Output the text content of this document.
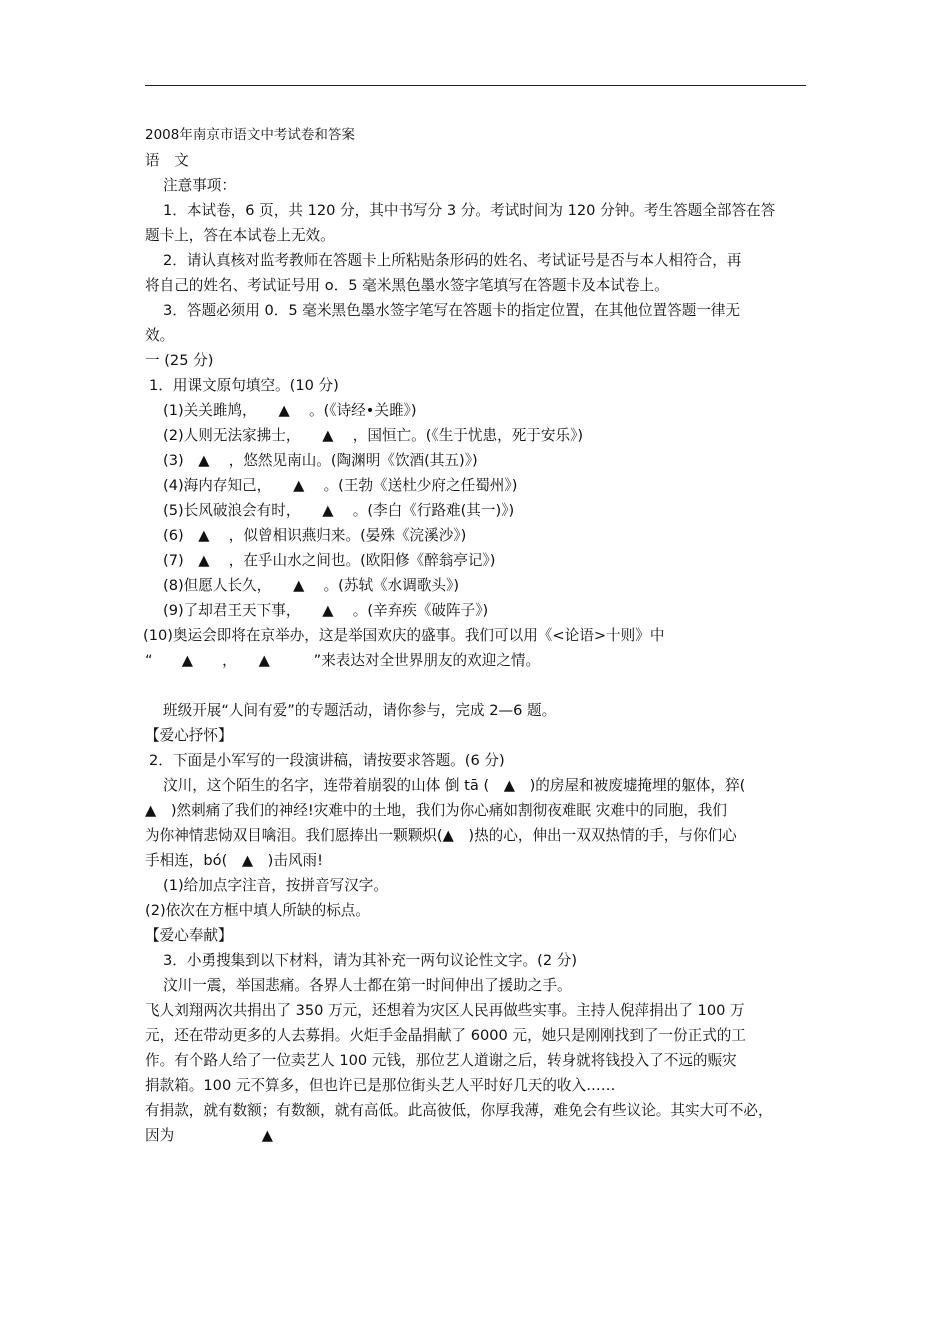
2008年南京市语文中考试卷和答案

语　文

注意事项：

1．本试卷，6 页，共 120 分，其中书写分 3 分。考试时间为 120 分钟。考生答题全部答在答

题卡上，答在本试卷上无效。

2．请认真核对监考教师在答题卡上所粘贴条形码的姓名、考试证号是否与本人相符合，再

将自己的姓名、考试证号用 o．5 毫米黑色墨水签字笔填写在答题卡及本试卷上。

3．答题必须用 0．5 毫米黑色墨水签字笔写在答题卡的指定位置，在其他位置答题一律无

效。

一 (25 分)

1．用课文原句填空。(10 分)

(1)关关雎鸠，　　▲　 。(《诗经•关雎》)

(2)人则无法家拂士，　　▲　 ，国恒亡。(《生于忧患，死于安乐》)

(3)　▲　 ，悠然见南山。(陶渊明《饮酒(其五)》)

(4)海内存知己，　　▲　 。(王勃《送杜少府之任蜀州》)

(5)长风破浪会有时，　　▲　 。(李白《行路难(其一)》)

(6)　▲　 ，似曾相识燕归来。(晏殊《浣溪沙》)

(7)　▲　 ，在乎山水之间也。(欧阳修《醉翁亭记》)

(8)但愿人长久，　　▲　 。(苏轼《水调歌头》)

(9)了却君王天下事，　　▲　 。(辛弃疾《破阵子》)

(10)奥运会即将在京举办，这是举国欢庆的盛事。我们可以用《<论语>十则》中

“　　▲　　，　　▲　　　”来表达对全世界朋友的欢迎之情。

班级开展“人间有爱”的专题活动，请你参与，完成 2—6 题。

【爱心抒怀】

2．下面是小军写的一段演讲稿，请按要求答题。(6 分)

汶川，这个陌生的名字，连带着崩裂的山体 倒 tā (　▲　)的房屋和被废墟掩埋的躯体，猝(

▲　)然刺痛了我们的神经!灾难中的土地，我们为你心痛如割彻夜难眠 灾难中的同胞，我们

为你神情悲恸双目噙泪。我们愿捧出一颗颗炽(▲　)热的心，伸出一双双热情的手，与你们心

手相连，bó(　▲　)击风雨!

(1)给加点字注音，按拼音写汉字。

(2)依次在方框中填人所缺的标点。

【爱心奉献】

3．小勇搜集到以下材料，请为其补充一两句议论性文字。(2 分)

汶川一震，举国悲痛。各界人士都在第一时间伸出了援助之手。

飞人刘翔两次共捐出了 350 万元，还想着为灾区人民再做些实事。主持人倪萍捐出了 100 万

元，还在带动更多的人去募捐。火炬手金晶捐献了 6000 元，她只是刚刚找到了一份正式的工

作。有个路人给了一位卖艺人 100 元钱，那位艺人道谢之后，转身就将钱投入了不远的赈灾

捐款箱。100 元不算多，但也许已是那位街头艺人平时好几天的收入……

有捐款，就有数额；有数额，就有高低。此高彼低，你厚我薄，难免会有些议论。其实大可不必，

因为　　　　　　▲
